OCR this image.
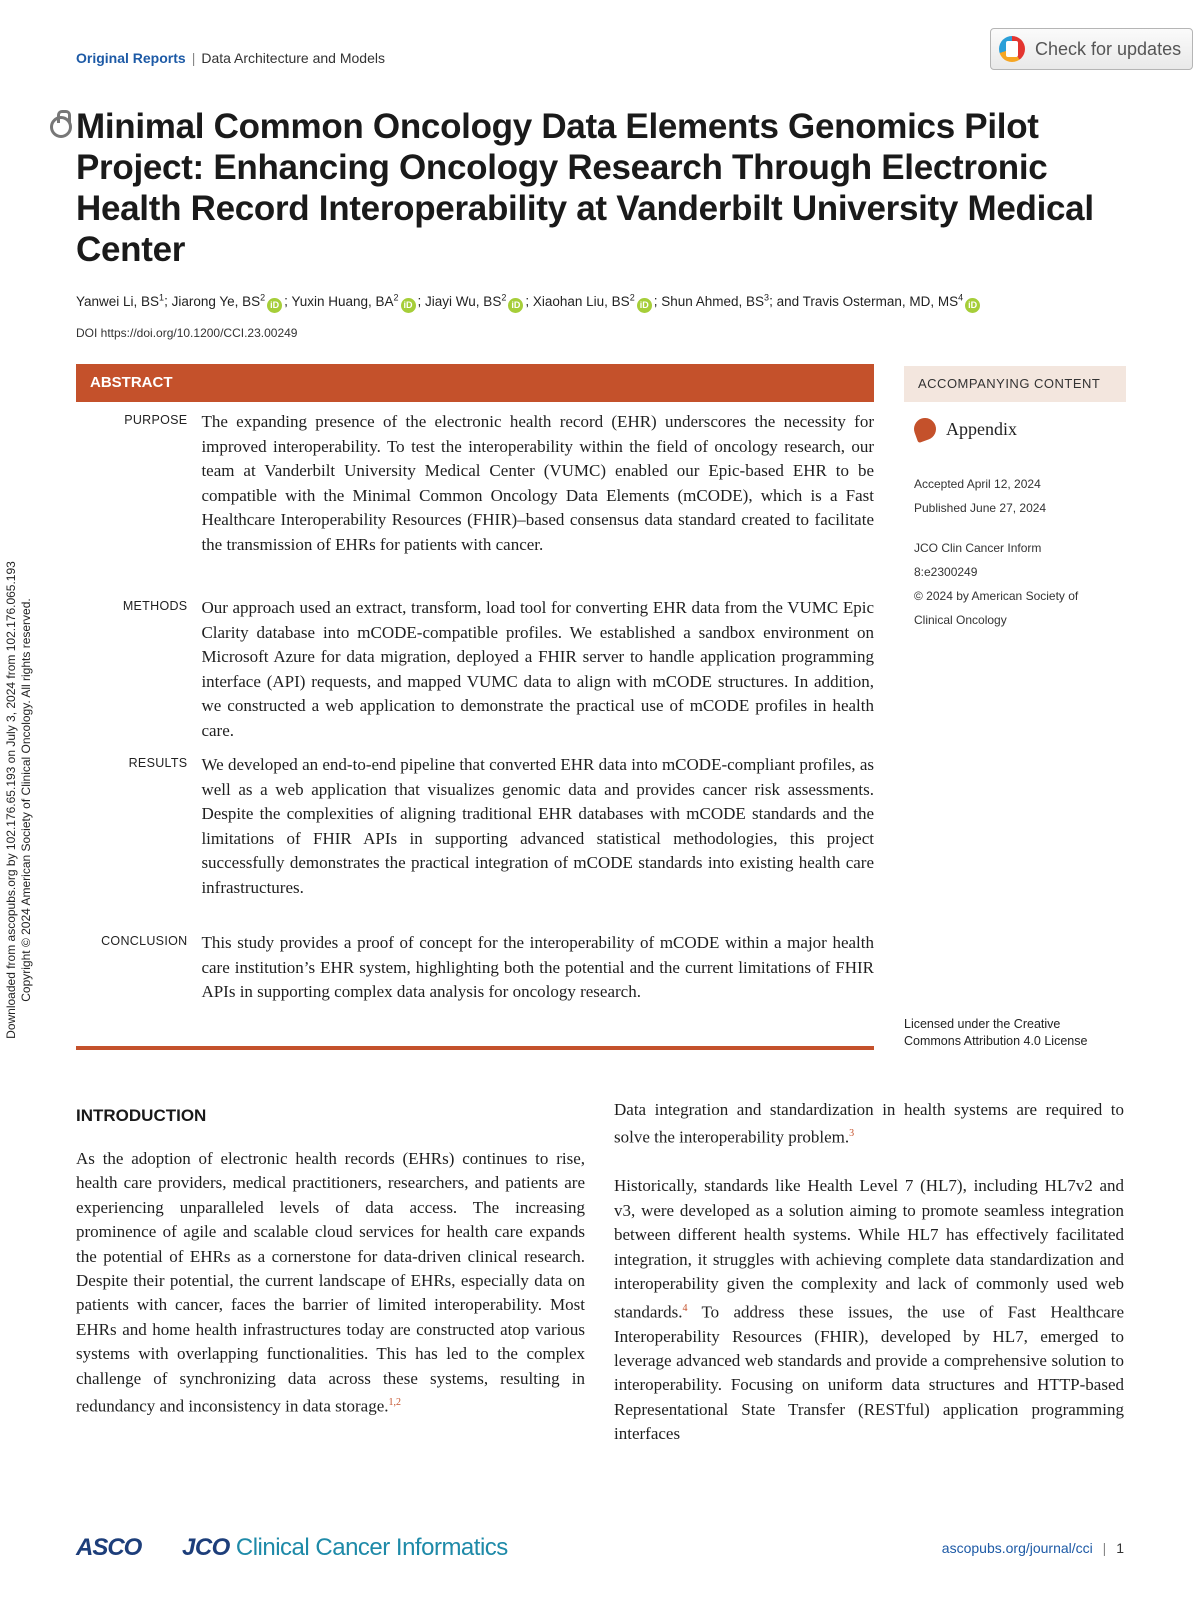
Original Reports | Data Architecture and Models	Check for updates
Minimal Common Oncology Data Elements Genomics Pilot Project: Enhancing Oncology Research Through Electronic Health Record Interoperability at Vanderbilt University Medical Center
Yanwei Li, $BS^1$; Jiarong Ye, $BS^2iD$ ; Yuxin Huang, $BA^2iD$ ; Jiayi Wu, $BS^2iD$ ; Xiaohan Liu, $BS^2iD$ ; Shun Ahmed, $BS^3$; and Travis Osterman, MD, $MS^4iD$
DOI https://doi.org/10.1200/CCI.23.00249
ABSTRACT
PURPOSE The expanding presence of the electronic health record (EHR) underscores the necessity for improved interoperability. To test the interoperability within the field of oncology research, our team at Vanderbilt University Medical Center (VUMC) enabled our Epic-based EHR to be compatible with the Minimal Common Oncology Data Elements (mCODE), which is a Fast Healthcare Interoperability Resources (FHIR)–based consensus data standard created to facilitate the transmission of EHRs for patients with cancer.
METHODS Our approach used an extract, transform, load tool for converting EHR data from the VUMC Epic Clarity database into mCODE-compatible profiles. We established a sandbox environment on Microsoft Azure for data migration, deployed a FHIR server to handle application programming interface (API) requests, and mapped VUMC data to align with mCODE structures. In addition, we constructed a web application to demonstrate the practical use of mCODE profiles in health care.
RESULTS We developed an end-to-end pipeline that converted EHR data into mCODE-compliant profiles, as well as a web application that visualizes genomic data and provides cancer risk assessments. Despite the complexities of aligning traditional EHR databases with mCODE standards and the limitations of FHIR APIs in supporting advanced statistical methodologies, this project successfully demonstrates the practical integration of mCODE standards into existing health care infrastructures.
CONCLUSION This study provides a proof of concept for the interoperability of mCODE within a major health care institution’s EHR system, highlighting both the potential and the current limitations of FHIR APIs in supporting complex data analysis for oncology research.
ACCOMPANYING CONTENT
Appendix
Accepted April 12, 2024
Published June 27, 2024
JCO Clin Cancer Inform
8:e2300249
© 2024 by American Society of
Clinical Oncology
Licensed under the Creative
Commons Attribution 4.0 License
Downloaded from ascopubs.org by 102.176.65.193 on July 3, 2024 from 102.176.065.193 Copyright © 2024 American Society of Clinical Oncology. All rights reserved.
INTRODUCTION
As the adoption of electronic health records (EHRs) continues to rise, health care providers, medical practitioners, researchers, and patients are experiencing unparalleled levels of data access. The increasing prominence of agile and scalable cloud services for health care expands the potential of EHRs as a cornerstone for data-driven clinical research. Despite their potential, the current landscape of EHRs, especially data on patients with cancer, faces the barrier of limited interoperability. Most EHRs and home health infrastructures today are constructed atop various systems with overlapping functionalities. This has led to the complex challenge of synchronizing data across these systems, resulting in redundancy and inconsistency in data storage.$^{1,2}$

Data integration and standardization in health systems are required to solve the interoperability problem.$^3$

Historically, standards like Health Level 7 (HL7), including HL7v2 and v3, were developed as a solution aiming to promote seamless integration between different health systems. While HL7 has effectively facilitated integration, it struggles with achieving complete data standardization and interoperability given the complexity and lack of commonly used web standards.$^4$ To address these issues, the use of Fast Healthcare Interoperability Resources (FHIR), developed by HL7, emerged to leverage advanced web standards and provide a comprehensive solution to interoperability. Focusing on uniform data structures and HTTP-based Representational State Transfer (RESTful) application programming interfaces

ASCO JCO Clinical Cancer Informatics	ascopubs.org/journal/cci | 1
